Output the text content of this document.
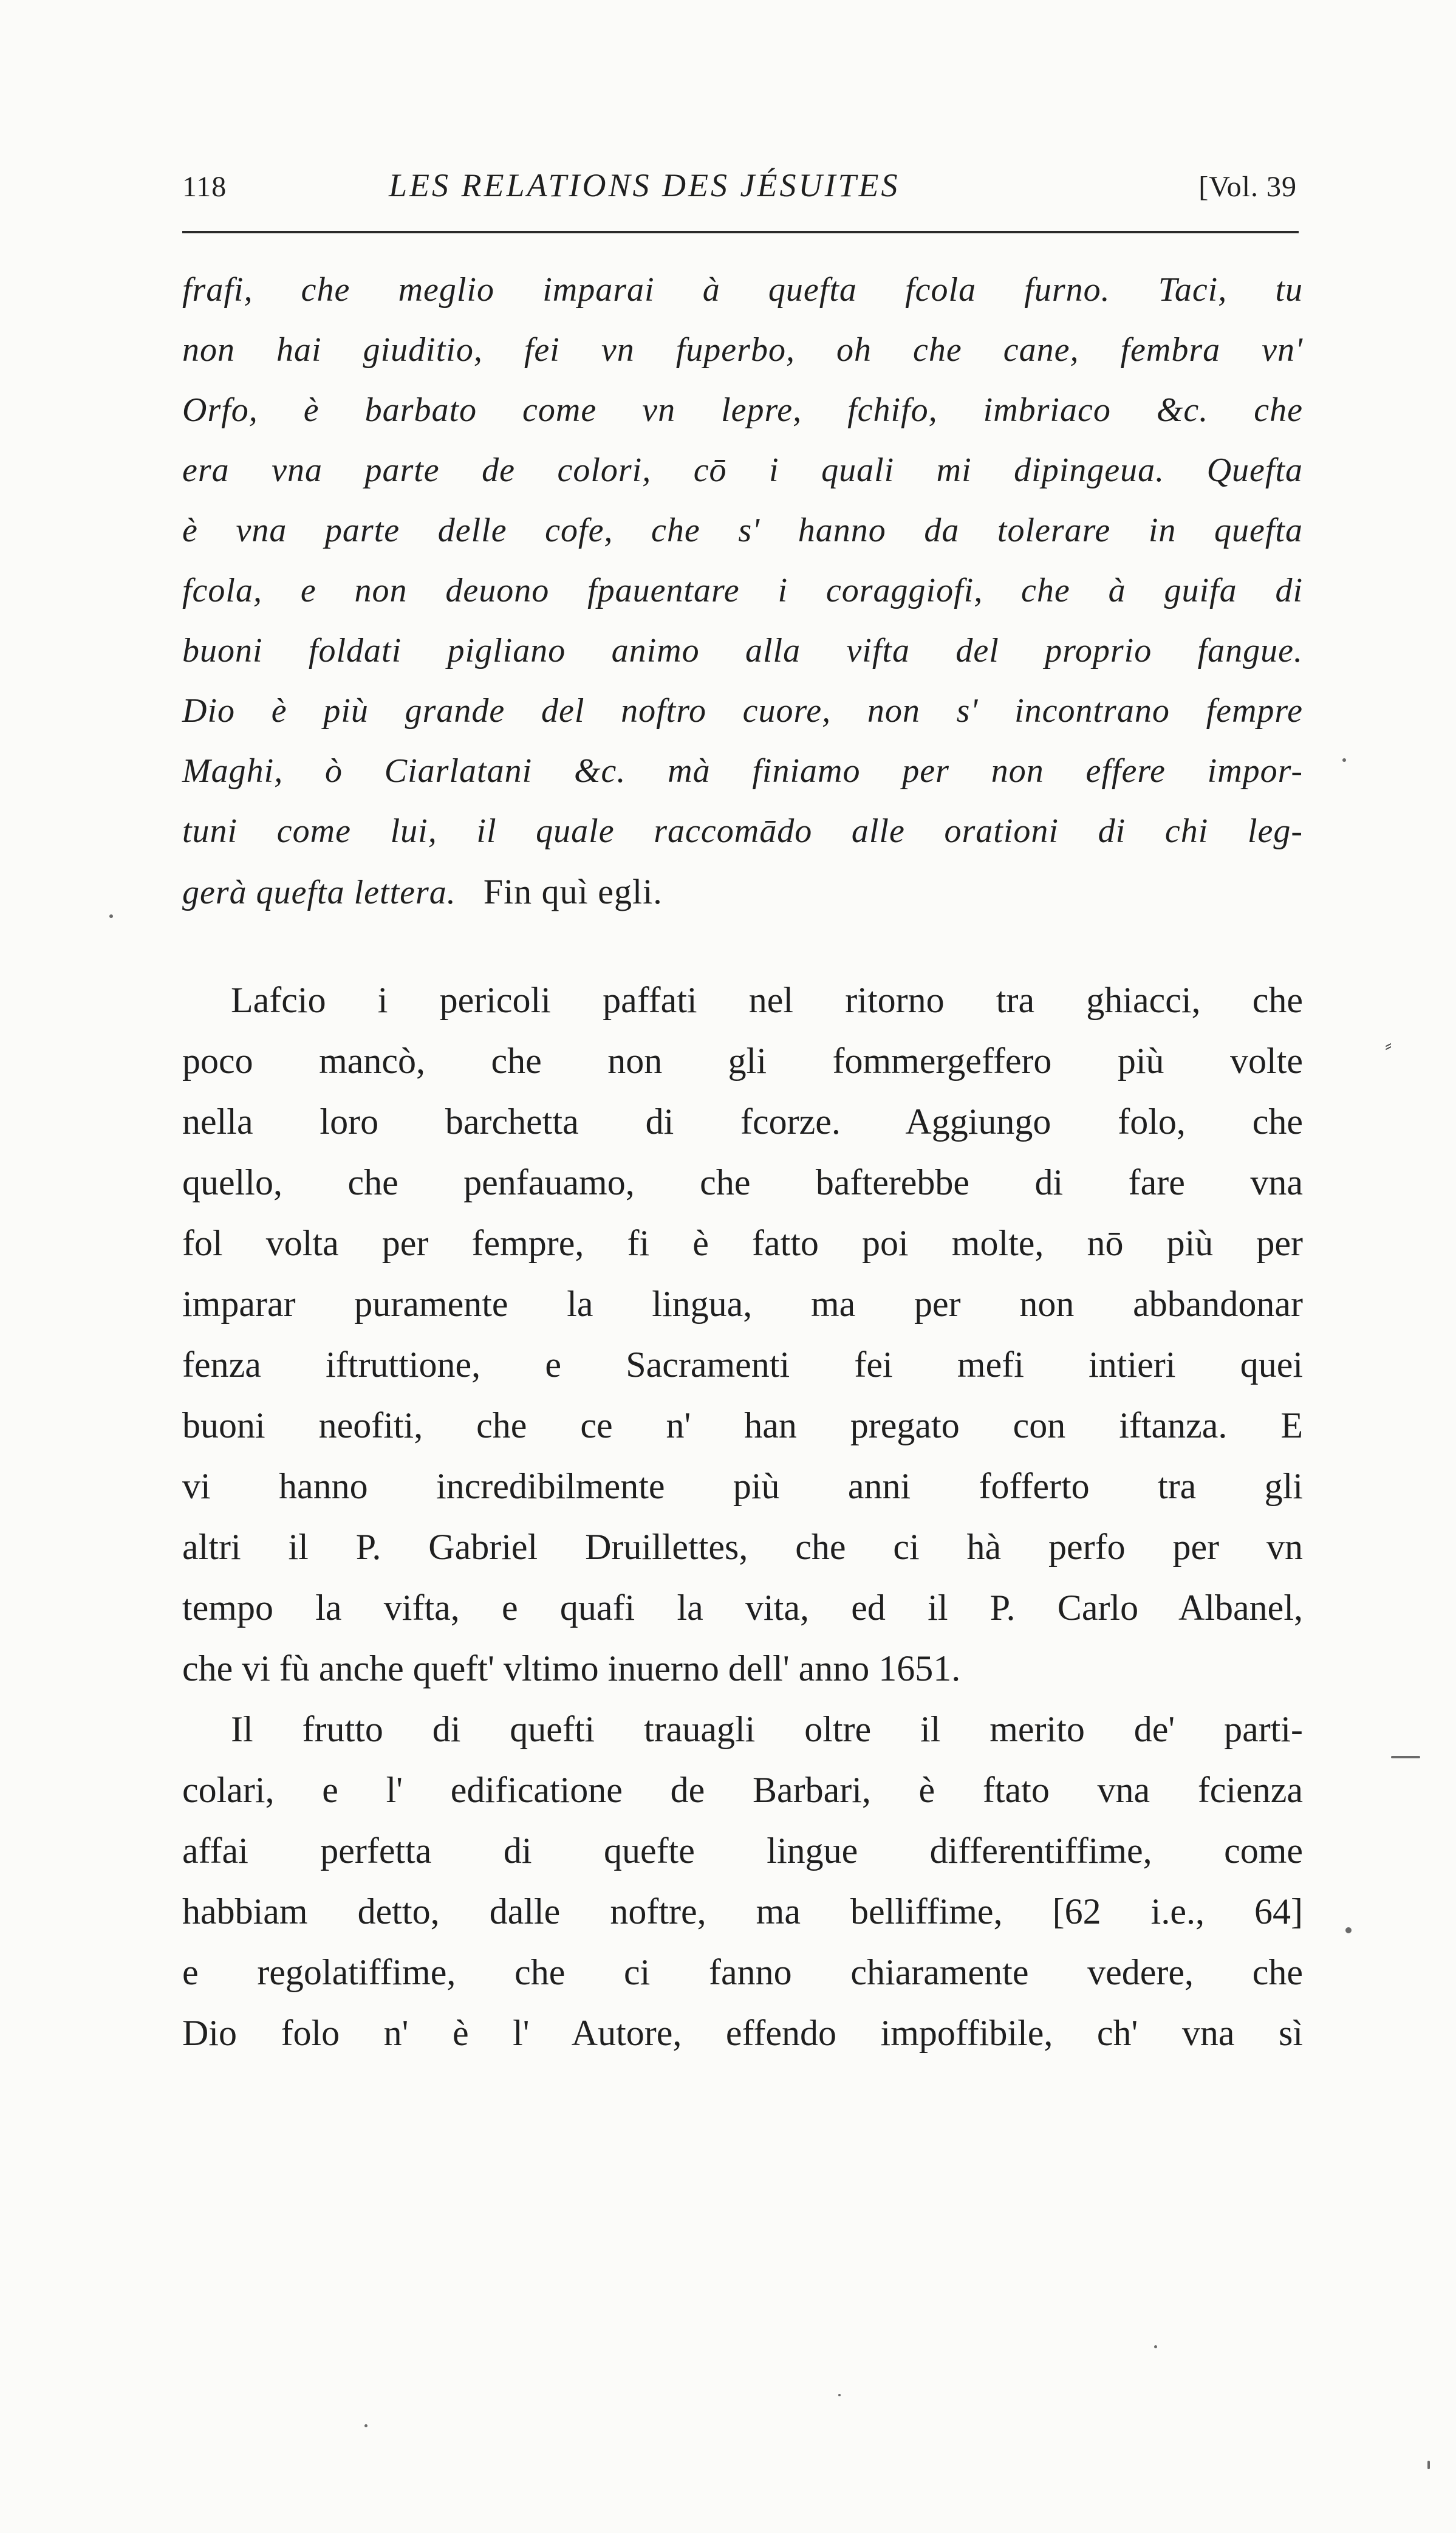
118	LES RELATIONS DES JÉSUITES	[Vol. 39
frafi, che meglio imparai à quefta fcola furno. Taci, tu
non hai giuditio, fei vn fuperbo, oh che cane, fembra vn'
Orfo, è barbato come vn lepre, fchifo, imbriaco &c. che
era vna parte de colori, cō i quali mi dipingeua. Quefta
è vna parte delle cofe, che s' hanno da tolerare in quefta
fcola, e non deuono fpauentare i coraggiofi, che à guifa di
buoni foldati pigliano animo alla vifta del proprio fangue.
Dio è più grande del noftro cuore, non s' incontrano fempre
Maghi, ò Ciarlatani &c. mà finiamo per non effere impor-
tuni come lui, il quale raccomādo alle orationi di chi leg-
gerà quefta lettera. Fin quì egli.
Lafcio i pericoli paffati nel ritorno tra ghiacci, che
poco mancò, che non gli fommergeffero più volte
nella loro barchetta di fcorze. Aggiungo folo, che
quello, che penfauamo, che bafterebbe di fare vna
fol volta per fempre, fi è fatto poi molte, nō più per
imparar puramente la lingua, ma per non abbandonar
fenza iftruttione, e Sacramenti fei mefi intieri quei
buoni neofiti, che ce n' han pregato con iftanza. E
vi hanno incredibilmente più anni fofferto tra gli
altri il P. Gabriel Druillettes, che ci hà perfo per vn
tempo la vifta, e quafi la vita, ed il P. Carlo Albanel,
che vi fù anche queft' vltimo inuerno dell' anno 1651.
Il frutto di quefti trauagli oltre il merito de' parti-
colari, e l' edificatione de Barbari, è ftato vna fcienza
affai perfetta di quefte lingue differentiffime, come
habbiam detto, dalle noftre, ma belliffime, [62 i.e., 64]
e regolatiffime, che ci fanno chiaramente vedere, che
Dio folo n' è l' Autore, effendo impoffibile, ch' vna sì
⸗
